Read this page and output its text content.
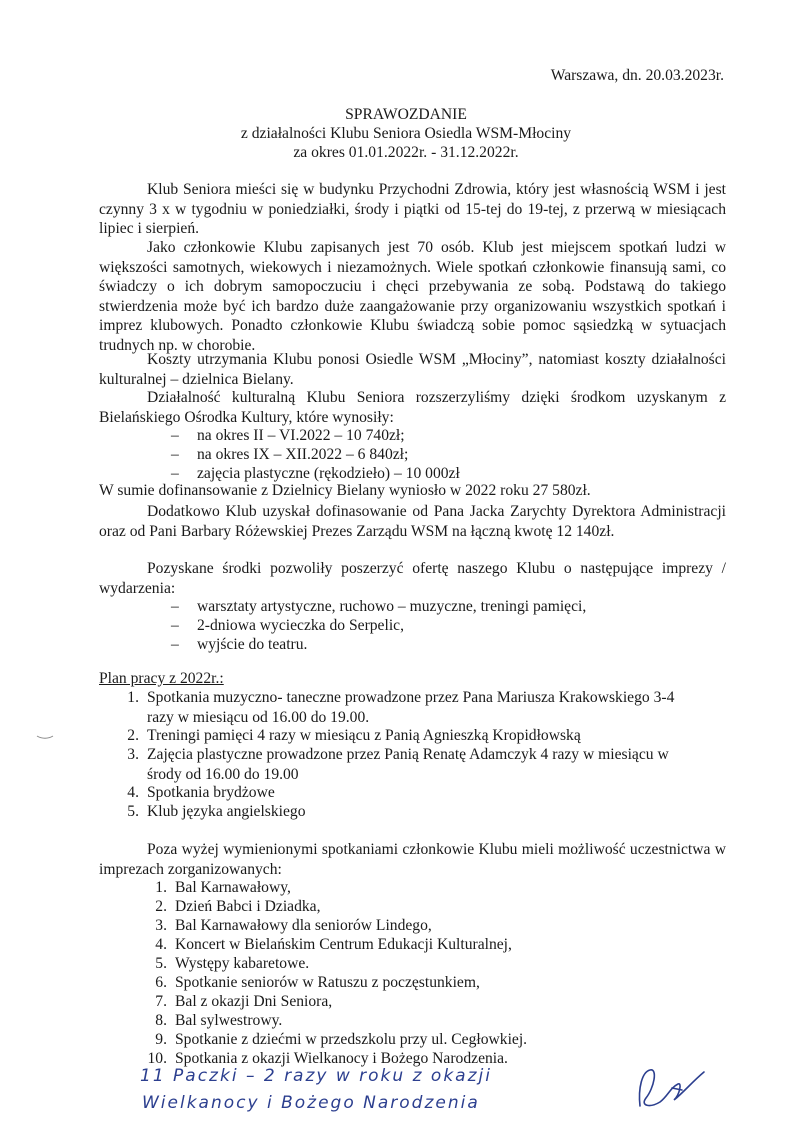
Warszawa, dn. 20.03.2023r.
SPRAWOZDANIE
z działalności Klubu Seniora Osiedla WSM-Młociny
za okres 01.01.2022r. - 31.12.2022r.
Klub Seniora mieści się w budynku Przychodni Zdrowia, który jest własnością WSM i jest czynny 3 x w tygodniu w poniedziałki, środy i piątki od 15-tej do 19-tej, z przerwą w miesiącach lipiec i sierpień.
Jako członkowie Klubu zapisanych jest 70 osób. Klub jest miejscem spotkań ludzi w większości samotnych, wiekowych i niezamożnych. Wiele spotkań członkowie finansują sami, co świadczy o ich dobrym samopoczuciu i chęci przebywania ze sobą. Podstawą do takiego stwierdzenia może być ich bardzo duże zaangażowanie przy organizowaniu wszystkich spotkań i imprez klubowych. Ponadto członkowie Klubu świadczą sobie pomoc sąsiedzką w sytuacjach trudnych np. w chorobie.
Koszty utrzymania Klubu ponosi Osiedle WSM „Młociny”, natomiast koszty działalności kulturalnej – dzielnica Bielany.
Działalność kulturalną Klubu Seniora rozszerzyliśmy dzięki środkom uzyskanym z Bielańskiego Ośrodka Kultury, które wynosiły:
– na okres II – VI.2022 – 10 740zł;
– na okres IX – XII.2022 – 6 840zł;
– zajęcia plastyczne (rękodzieło) – 10 000zł
W sumie dofinansowanie z Dzielnicy Bielany wyniosło w 2022 roku 27 580zł.
Dodatkowo Klub uzyskał dofinasowanie od Pana Jacka Zarychty Dyrektora Administracji oraz od Pani Barbary Różewskiej Prezes Zarządu WSM na łączną kwotę 12 140zł.
Pozyskane środki pozwoliły poszerzyć ofertę naszego Klubu o następujące imprezy / wydarzenia:
– warsztaty artystyczne, ruchowo – muzyczne, treningi pamięci,
– 2-dniowa wycieczka do Serpelic,
– wyjście do teatru.
Plan pracy z 2022r.:
1. Spotkania muzyczno- taneczne prowadzone przez Pana Mariusza Krakowskiego 3-4
razy w miesiącu od 16.00 do 19.00.
2. Treningi pamięci 4 razy w miesiącu z Panią Agnieszką Kropidłowską
3. Zajęcia plastyczne prowadzone przez Panią Renatę Adamczyk 4 razy w miesiącu w
środy od 16.00 do 19.00
4. Spotkania brydżowe
5. Klub języka angielskiego
Poza wyżej wymienionymi spotkaniami członkowie Klubu mieli możliwość uczestnictwa w imprezach zorganizowanych:
1. Bal Karnawałowy,
2. Dzień Babci i Dziadka,
3. Bal Karnawałowy dla seniorów Lindego,
4. Koncert w Bielańskim Centrum Edukacji Kulturalnej,
5. Występy kabaretowe.
6. Spotkanie seniorów w Ratuszu z poczęstunkiem,
7. Bal z okazji Dni Seniora,
8. Bal sylwestrowy.
9. Spotkanie z dziećmi w przedszkolu przy ul. Cegłowkiej.
10. Spotkania z okazji Wielkanocy i Bożego Narodzenia.
11 Paczki – 2 razy w roku z okazji
Wielkanocy i Bożego Narodzenia
